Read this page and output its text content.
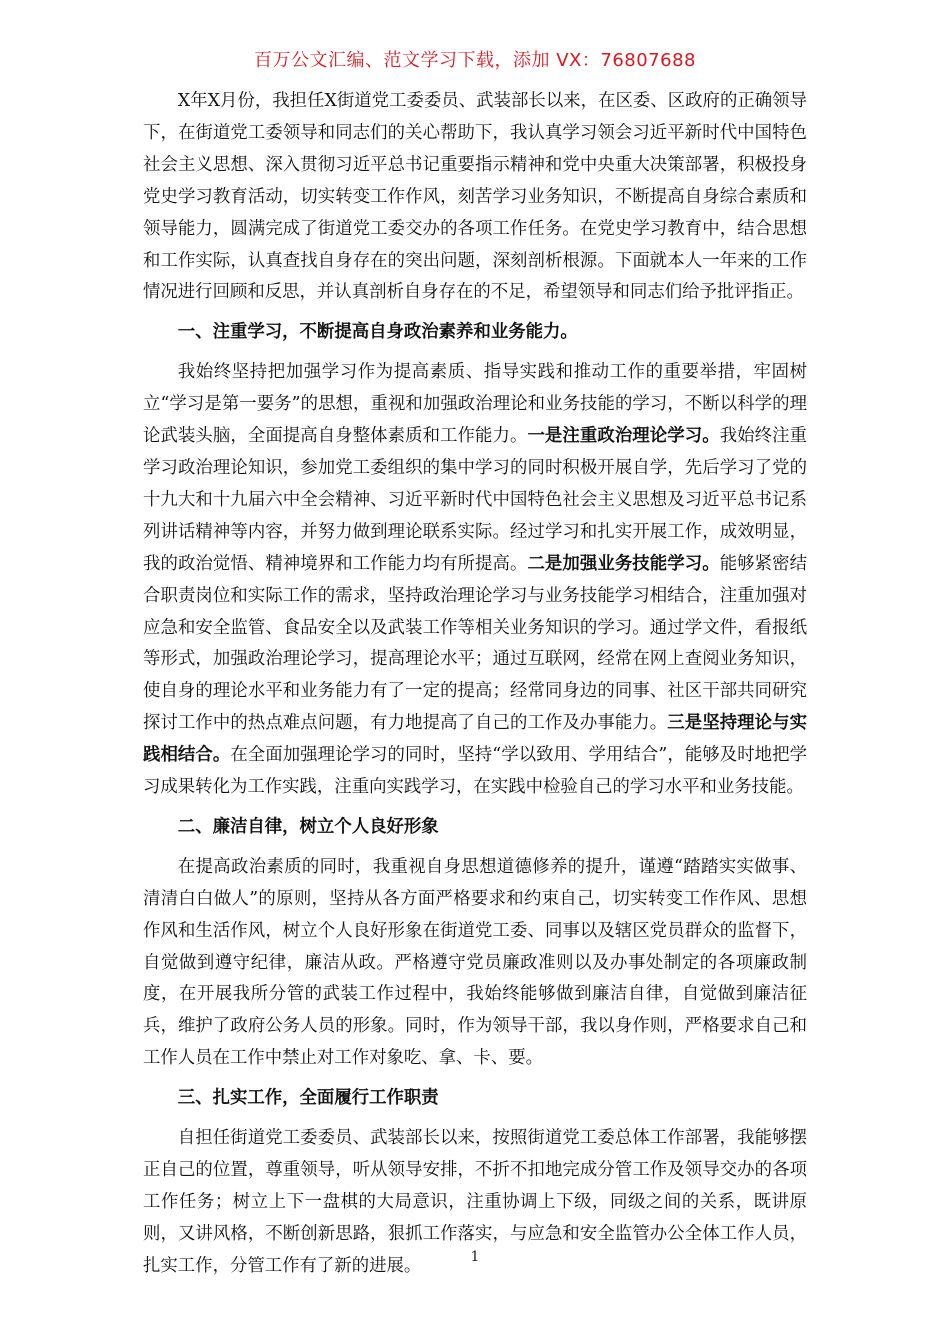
百万公文汇编、范文学习下载，添加 VX：76807688

X年X月份，我担任X街道党工委委员、武装部长以来，在区委、区政府的正确领导下，在街道党工委领导和同志们的关心帮助下，我认真学习领会习近平新时代中国特色社会主义思想、深入贯彻习近平总书记重要指示精神和党中央重大决策部署，积极投身党史学习教育活动，切实转变工作作风，刻苦学习业务知识，不断提高自身综合素质和领导能力，圆满完成了街道党工委交办的各项工作任务。在党史学习教育中，结合思想和工作实际，认真查找自身存在的突出问题，深刻剖析根源。下面就本人一年来的工作情况进行回顾和反思，并认真剖析自身存在的不足，希望领导和同志们给予批评指正。

一、注重学习，不断提高自身政治素养和业务能力。

我始终坚持把加强学习作为提高素质、指导实践和推动工作的重要举措，牢固树立“学习是第一要务”的思想，重视和加强政治理论和业务技能的学习，不断以科学的理论武装头脑，全面提高自身整体素质和工作能力。一是注重政治理论学习。我始终注重学习政治理论知识，参加党工委组织的集中学习的同时积极开展自学，先后学习了党的十九大和十九届六中全会精神、习近平新时代中国特色社会主义思想及习近平总书记系列讲话精神等内容，并努力做到理论联系实际。经过学习和扎实开展工作，成效明显，我的政治觉悟、精神境界和工作能力均有所提高。二是加强业务技能学习。能够紧密结合职责岗位和实际工作的需求，坚持政治理论学习与业务技能学习相结合，注重加强对应急和安全监管、食品安全以及武装工作等相关业务知识的学习。通过学文件，看报纸等形式，加强政治理论学习，提高理论水平；通过互联网，经常在网上查阅业务知识，使自身的理论水平和业务能力有了一定的提高；经常同身边的同事、社区干部共同研究探讨工作中的热点难点问题，有力地提高了自己的工作及办事能力。三是坚持理论与实践相结合。在全面加强理论学习的同时，坚持“学以致用、学用结合”，能够及时地把学习成果转化为工作实践，注重向实践学习，在实践中检验自己的学习水平和业务技能。

二、廉洁自律，树立个人良好形象

在提高政治素质的同时，我重视自身思想道德修养的提升，谨遵“踏踏实实做事、清清白白做人”的原则，坚持从各方面严格要求和约束自己，切实转变工作作风、思想作风和生活作风，树立个人良好形象在街道党工委、同事以及辖区党员群众的监督下，自觉做到遵守纪律，廉洁从政。严格遵守党员廉政准则以及办事处制定的各项廉政制度，在开展我所分管的武装工作过程中，我始终能够做到廉洁自律，自觉做到廉洁征兵，维护了政府公务人员的形象。同时，作为领导干部，我以身作则，严格要求自己和工作人员在工作中禁止对工作对象吃、拿、卡、要。

三、扎实工作，全面履行工作职责

自担任街道党工委委员、武装部长以来，按照街道党工委总体工作部署，我能够摆正自己的位置，尊重领导，听从领导安排，不折不扣地完成分管工作及领导交办的各项工作任务；树立上下一盘棋的大局意识，注重协调上下级，同级之间的关系，既讲原则，又讲风格，不断创新思路，狠抓工作落实，与应急和安全监管办公全体工作人员，扎实工作，分管工作有了新的进展。	1
